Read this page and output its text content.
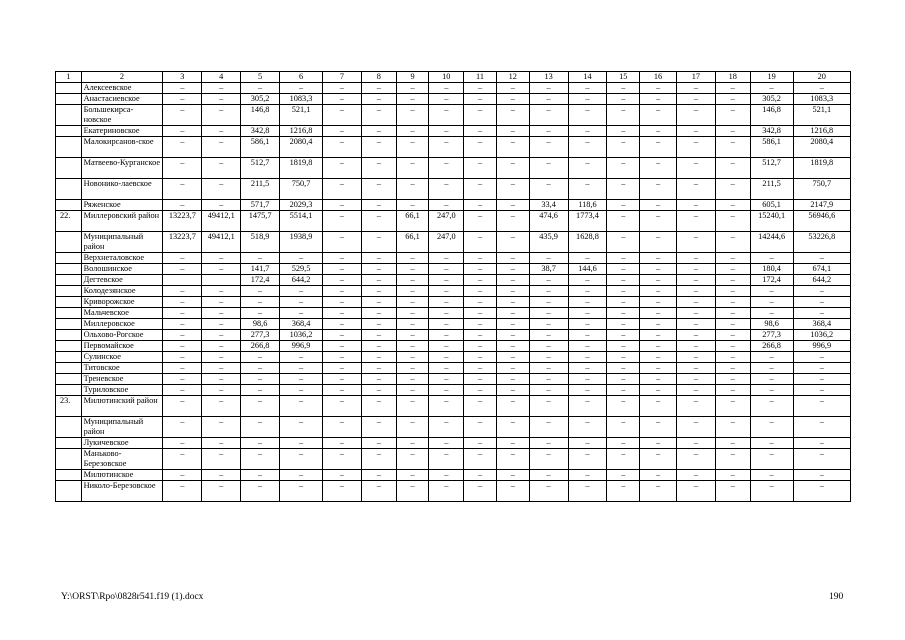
1	2	3	4	5	6	7	8	9	10	11	12	13	14	15	16	17	18	19	20
	Алексеевское	–	–	–	–	–	–	–	–	–	–	–	–	–	–	–	–	–	–
	Анастасиевское	–	–	305,2	1083,3	–	–	–	–	–	–	–	–	–	–	–	–	305,2	1083,3
	Большекирса-новское	–	–	146,8	521,1	–	–	–	–	–	–	–	–	–	–	–	–	146,8	521,1
	Екатериновское	–	–	342,8	1216,8	–	–	–	–	–	–	–	–	–	–	–	–	342,8	1216,8
	Малокирсанов-ское	–	–	586,1	2080,4	–	–	–	–	–	–	–	–	–	–	–	–	586,1	2080,4
	Матвеево-Курганское	–	–	512,7	1819,8	–	–	–	–	–	–	–	–	–	–	–	–	512,7	1819,8
	Новонико-лаевское	–	–	211,5	750,7	–	–	–	–	–	–	–	–	–	–	–	–	211,5	750,7
	Ряженское	–	–	571,7	2029,3	–	–	–	–	–	–	33,4	118,6	–	–	–	–	605,1	2147,9
22.	Миллеровский район	13223,7	49412,1	1475,7	5514,1	–	–	66,1	247,0	–	–	474,6	1773,4	–	–	–	–	15240,1	56946,6
	Муниципальный район	13223,7	49412,1	518,9	1938,9	–	–	66,1	247,0	–	–	435,9	1628,8	–	–	–	–	14244,6	53226,8
	Верхнеталовское	–	–	–	–	–	–	–	–	–	–	–	–	–	–	–	–	–	–
	Волошинское	–	–	141,7	529,5	–	–	–	–	–	–	38,7	144,6	–	–	–	–	180,4	674,1
	Дегтевское			172,4	644,2	–	–	–	–	–	–	–	–	–	–	–	–	172,4	644,2
	Колодезянское	–	–	–	–	–	–	–	–	–	–	–	–	–	–	–	–	–	–
	Криворожское	–	–	–	–	–	–	–	–	–	–	–	–	–	–	–	–	–	–
	Мальчевское	–	–	–	–	–	–	–	–	–	–	–	–	–	–	–	–	–	–
	Миллеровское	–	–	98,6	368,4	–	–	–	–	–	–	–	–	–	–	–	–	98,6	368,4
	Ольхово-Рогское	–	–	277,3	1036,2	–	–	–	–	–	–	–	–	–	–	–	–	277,3	1036,2
	Первомайское	–	–	266,8	996,9	–	–	–	–	–	–	–	–	–	–	–	–	266,8	996,9
	Сулинское	–	–	–	–	–	–	–	–	–	–	–	–	–	–	–	–	–	–
	Титовское	–	–	–	–	–	–	–	–	–	–	–	–	–	–	–	–	–	–
	Треневское	–	–	–	–	–	–	–	–	–	–	–	–	–	–	–	–	–	–
	Туриловское	–	–	–	–	–	–	–	–	–	–	–	–	–	–	–	–	–	–
23.	Милютинский район	–	–	–	–	–	–	–	–	–	–	–	–	–	–	–	–	–	–
	Муниципальный район	–	–	–	–	–	–	–	–	–	–	–	–	–	–	–	–	–	–
	Лукичевское	–	–	–	–	–	–	–	–	–	–	–	–	–	–	–	–	–	–
	Маньково-Березовское	–	–	–	–	–	–	–	–	–	–	–	–	–	–	–	–	–	–
	Милютинское	–	–	–	–	–	–	–	–	–	–	–	–	–	–	–	–	–	–
	Николо-Березовское	–	–	–	–	–	–	–	–	–	–	–	–	–	–	–	–	–	–
Y:\ORST\Rpo\0828r541.f19 (1).docx	190
